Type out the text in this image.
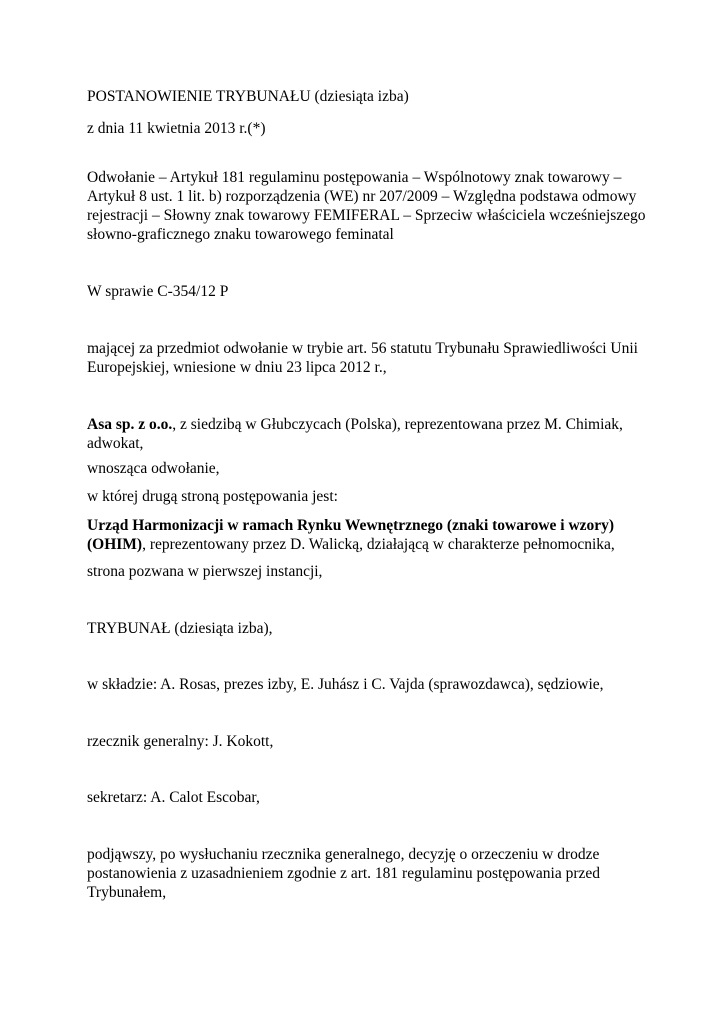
POSTANOWIENIE TRYBUNAŁU (dziesiąta izba)

z dnia 11 kwietnia 2013 r.(*)

Odwołanie – Artykuł 181 regulaminu postępowania – Wspólnotowy znak towarowy – Artykuł 8 ust. 1 lit. b) rozporządzenia (WE) nr 207/2009 – Względna podstawa odmowy rejestracji – Słowny znak towarowy FEMIFERAL – Sprzeciw właściciela wcześniejszego słowno-graficznego znaku towarowego feminatal

W sprawie C‑354/12 P

mającej za przedmiot odwołanie w trybie art. 56 statutu Trybunału Sprawiedliwości Unii Europejskiej, wniesione w dniu 23 lipca 2012 r.,

Asa sp. z o.o., z siedzibą w Głubczycach (Polska), reprezentowana przez M. Chimiak, adwokat,

wnosząca odwołanie,

w której drugą stroną postępowania jest:

Urząd Harmonizacji w ramach Rynku Wewnętrznego (znaki towarowe i wzory) (OHIM), reprezentowany przez D. Walicką, działającą w charakterze pełnomocnika,

strona pozwana w pierwszej instancji,

TRYBUNAŁ (dziesiąta izba),

w składzie: A. Rosas, prezes izby, E. Juhász i C. Vajda (sprawozdawca), sędziowie,

rzecznik generalny: J. Kokott,

sekretarz: A. Calot Escobar,

podjąwszy, po wysłuchaniu rzecznika generalnego, decyzję o orzeczeniu w drodze postanowienia z uzasadnieniem zgodnie z art. 181 regulaminu postępowania przed Trybunałem,
